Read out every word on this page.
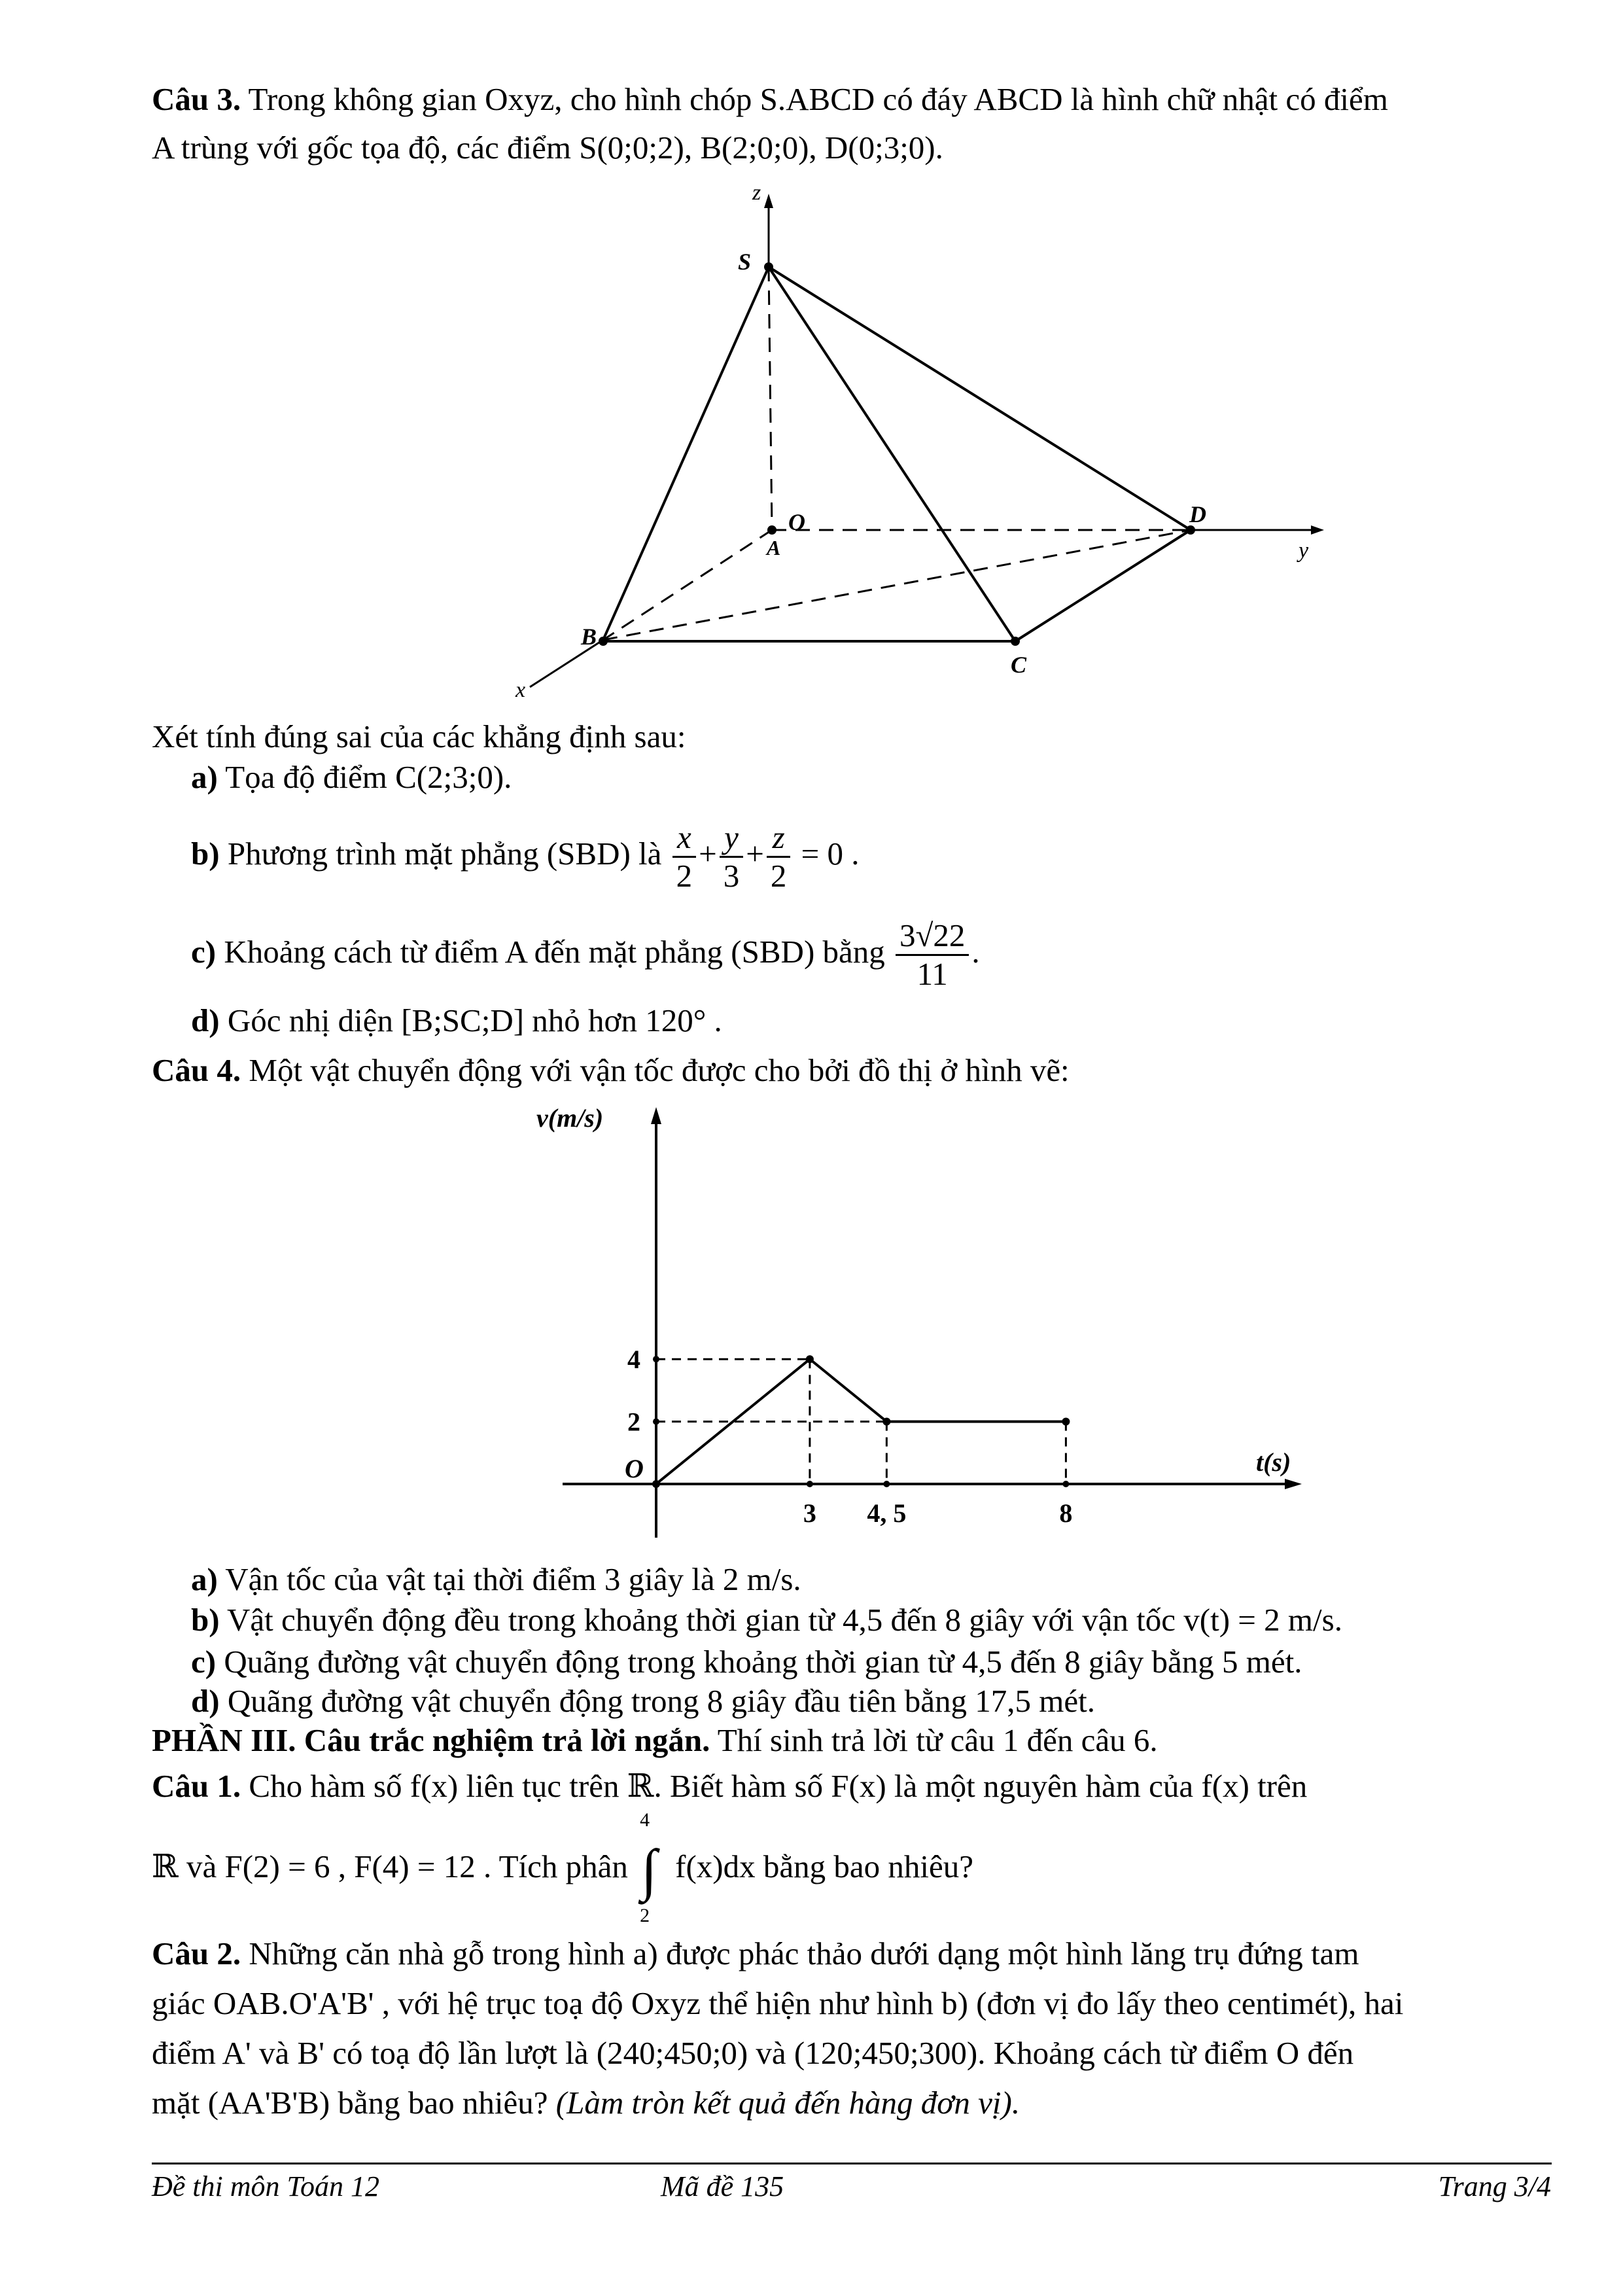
Câu 3. Trong không gian Oxyz, cho hình chóp S.ABCD có đáy ABCD là hình chữ nhật có điểm
A trùng với gốc tọa độ, các điểm S(0;0;2), B(2;0;0), D(0;3;0).
z
S
O
A
D
y
B
C
x
Xét tính đúng sai của các khẳng định sau:
a) Tọa độ điểm C(2;3;0).
b) Phương trình mặt phẳng (SBD) là $\frac{x}{2} + \frac{y}{3} + \frac{z}{2} = 0$ .
c) Khoảng cách từ điểm A đến mặt phẳng (SBD) bằng $\frac{3√22}{11}$ .
d) Góc nhị diện [B;SC;D] nhỏ hơn 120° .
Câu 4. Một vật chuyển động với vận tốc được cho bởi đồ thị ở hình vẽ:
3 4, 5	8
2
4
v(m/s)
t(s)
O
a) Vận tốc của vật tại thời điểm 3 giây là 2 m/s.
b) Vật chuyển động đều trong khoảng thời gian từ 4,5 đến 8 giây với vận tốc v(t) = 2 m/s.
c) Quãng đường vật chuyển động trong khoảng thời gian từ 4,5 đến 8 giây bằng 5 mét.
d) Quãng đường vật chuyển động trong 8 giây đầu tiên bằng 17,5 mét.
PHẦN III. Câu trắc nghiệm trả lời ngắn. Thí sinh trả lời từ câu 1 đến câu 6.
Câu 1. Cho hàm số f(x) liên tục trên ℝ. Biết hàm số F(x) là một nguyên hàm của f(x) trên
ℝ và F(2) = 6 , F(4) = 12 . Tích phân
4
∫
2
f(x)dx bằng bao nhiêu?
Câu 2. Những căn nhà gỗ trong hình a) được phác thảo dưới dạng một hình lăng trụ đứng tam
giác OAB.O'A'B' , với hệ trục toạ độ Oxyz thể hiện như hình b) (đơn vị đo lấy theo centimét), hai
điểm A' và B' có toạ độ lần lượt là (240;450;0) và (120;450;300). Khoảng cách từ điểm O đến
mặt (AA'B'B) bằng bao nhiêu? (Làm tròn kết quả đến hàng đơn vị).
Đề thi môn Toán 12	Mã đề 135	Trang 3/4
